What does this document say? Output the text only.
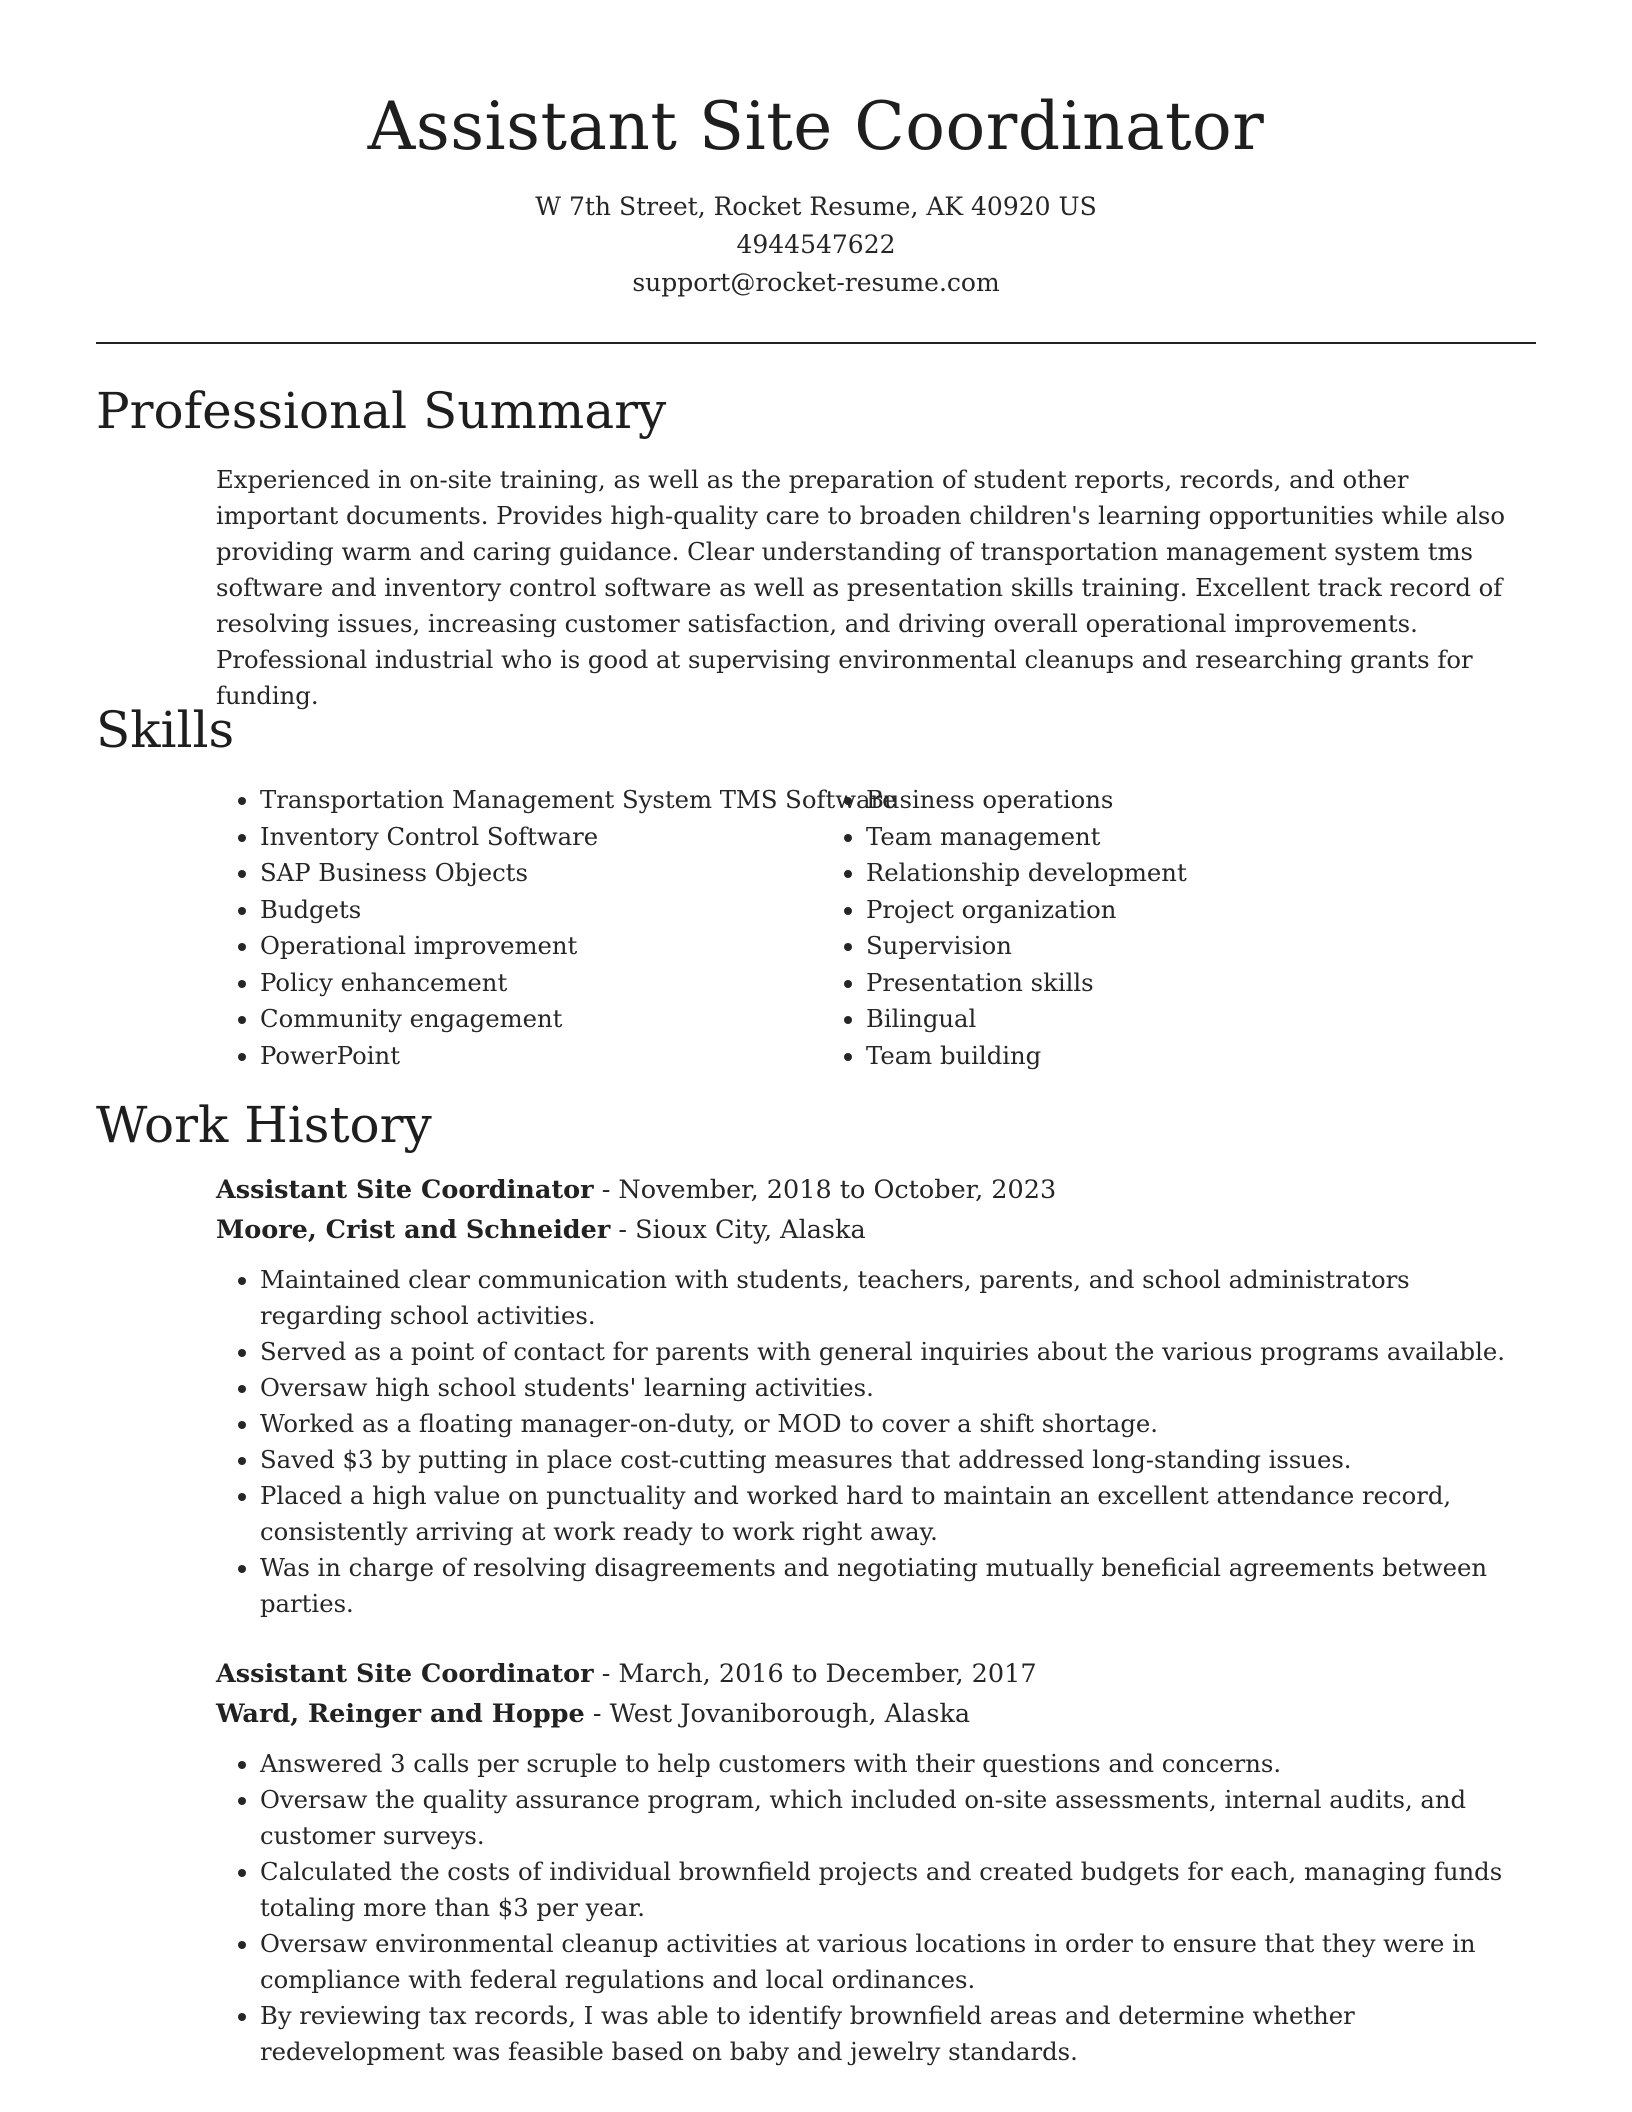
Assistant Site Coordinator
W 7th Street, Rocket Resume, AK 40920 US
4944547622
support@rocket-resume.com
Professional Summary

Experienced in on-site training, as well as the preparation of student reports, records, and other important documents. Provides high-quality care to broaden children's learning opportunities while also providing warm and caring guidance. Clear understanding of transportation management system tms software and inventory control software as well as presentation skills training. Excellent track record of resolving issues, increasing customer satisfaction, and driving overall operational improvements. Professional industrial who is good at supervising environmental cleanups and researching grants for funding.

Skills
• Transportation Management System TMS Software
• Inventory Control Software
• SAP Business Objects
• Budgets
• Operational improvement
• Policy enhancement
• Community engagement
• PowerPoint
• Business operations
• Team management
• Relationship development
• Project organization
• Supervision
• Presentation skills
• Bilingual
• Team building
Work History
Assistant Site Coordinator - November, 2018 to October, 2023
Moore, Crist and Schneider - Sioux City, Alaska
• Maintained clear communication with students, teachers, parents, and school administrators regarding school activities.
• Served as a point of contact for parents with general inquiries about the various programs available.
• Oversaw high school students' learning activities.
• Worked as a floating manager-on-duty, or MOD to cover a shift shortage.
• Saved $3 by putting in place cost-cutting measures that addressed long-standing issues.
• Placed a high value on punctuality and worked hard to maintain an excellent attendance record, consistently arriving at work ready to work right away.
• Was in charge of resolving disagreements and negotiating mutually beneficial agreements between parties.
Assistant Site Coordinator - March, 2016 to December, 2017
Ward, Reinger and Hoppe - West Jovaniborough, Alaska
• Answered 3 calls per scruple to help customers with their questions and concerns.
• Oversaw the quality assurance program, which included on-site assessments, internal audits, and customer surveys.
• Calculated the costs of individual brownfield projects and created budgets for each, managing funds totaling more than $3 per year.
• Oversaw environmental cleanup activities at various locations in order to ensure that they were in compliance with federal regulations and local ordinances.
• By reviewing tax records, I was able to identify brownfield areas and determine whether redevelopment was feasible based on baby and jewelry standards.
